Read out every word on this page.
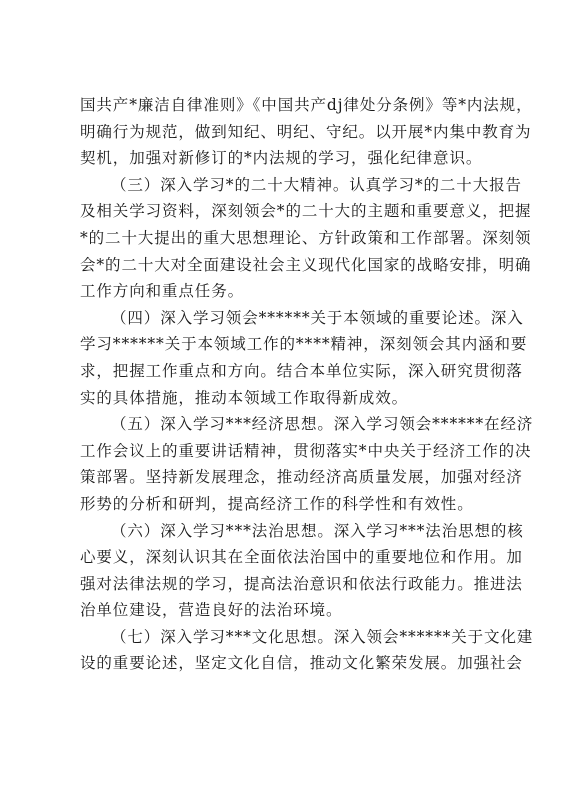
国共产*廉洁自律准则》《中国共产dj律处分条例》等*内法规，
明确行为规范，做到知纪、明纪、守纪。以开展*内集中教育为
契机，加强对新修订的*内法规的学习，强化纪律意识。
（三）深入学习*的二十大精神。认真学习*的二十大报告
及相关学习资料，深刻领会*的二十大的主题和重要意义，把握
*的二十大提出的重大思想理论、方针政策和工作部署。深刻领
会*的二十大对全面建设社会主义现代化国家的战略安排，明确
工作方向和重点任务。
（四）深入学习领会******关于本领域的重要论述。深入
学习******关于本领域工作的****精神，深刻领会其内涵和要
求，把握工作重点和方向。结合本单位实际，深入研究贯彻落
实的具体措施，推动本领域工作取得新成效。
（五）深入学习***经济思想。深入学习领会******在经济
工作会议上的重要讲话精神，贯彻落实*中央关于经济工作的决
策部署。坚持新发展理念，推动经济高质量发展，加强对经济
形势的分析和研判，提高经济工作的科学性和有效性。
（六）深入学习***法治思想。深入学习***法治思想的核
心要义，深刻认识其在全面依法治国中的重要地位和作用。加
强对法律法规的学习，提高法治意识和依法行政能力。推进法
治单位建设，营造良好的法治环境。
（七）深入学习***文化思想。深入领会******关于文化建
设的重要论述，坚定文化自信，推动文化繁荣发展。加强社会
